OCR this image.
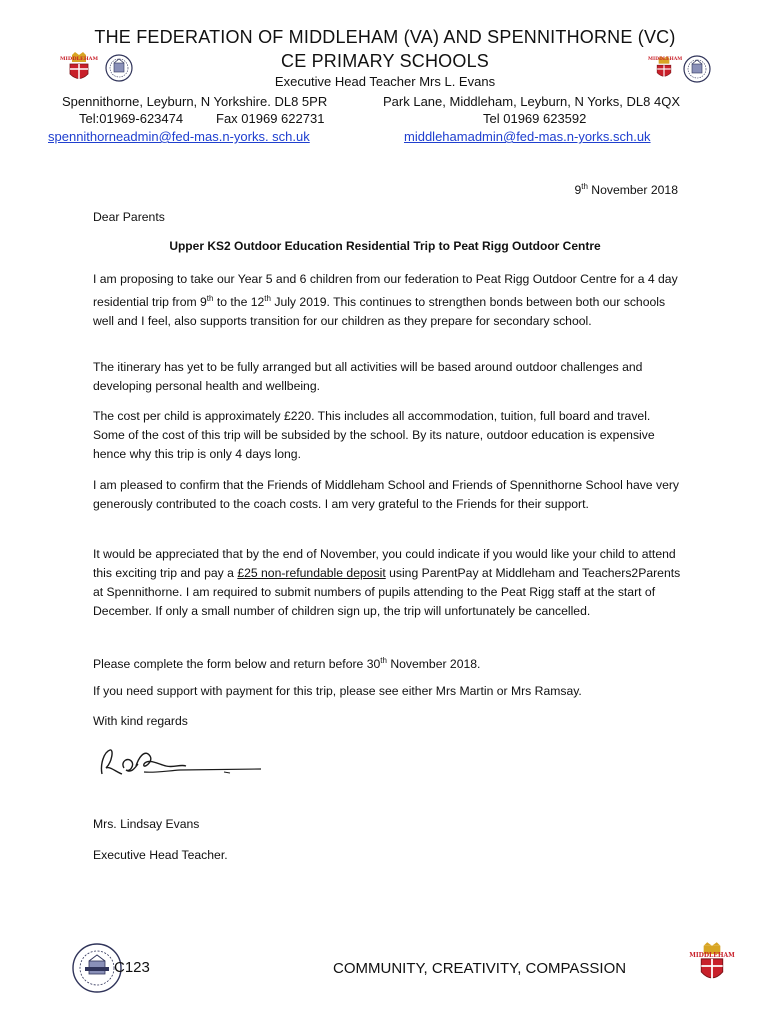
THE FEDERATION OF MIDDLEHAM (VA) AND SPENNITHORNE (VC)
CE PRIMARY SCHOOLS
Executive Head Teacher Mrs L. Evans
MIDDLEHAM	MIDDLEHAM
Spennithorne, Leyburn, N Yorkshire. DL8 5PR	Park Lane, Middleham, Leyburn, N Yorks, DL8 4QX
Tel:01969-623474	Fax 01969 622731	Tel 01969 623592
spennithorneadmin@fed-mas.n-yorks. sch.uk	middlehamadmin@fed-mas.n-yorks.sch.uk
9th November 2018
Dear Parents
Upper KS2 Outdoor Education Residential Trip to Peat Rigg Outdoor Centre
I am proposing to take our Year 5 and 6 children from our federation to Peat Rigg Outdoor Centre for a 4 day residential trip from 9th to the 12th July 2019. This continues to strengthen bonds between both our schools well and I feel, also supports transition for our children as they prepare for secondary school.
The itinerary has yet to be fully arranged but all activities will be based around outdoor challenges and developing personal health and wellbeing.
The cost per child is approximately £220. This includes all accommodation, tuition, full board and travel. Some of the cost of this trip will be subsided by the school. By its nature, outdoor education is expensive hence why this trip is only 4 days long.
I am pleased to confirm that the Friends of Middleham School and Friends of Spennithorne School have very generously contributed to the coach costs. I am very grateful to the Friends for their support.
It would be appreciated that by the end of November, you could indicate if you would like your child to attend this exciting trip and pay a £25 non-refundable deposit using ParentPay at Middleham and Teachers2Parents at Spennithorne. I am required to submit numbers of pupils attending to the Peat Rigg staff at the start of December. If only a small number of children sign up, the trip will unfortunately be cancelled.
Please complete the form below and return before 30th November 2018.
If you need support with payment for this trip, please see either Mrs Martin or Mrs Ramsay.
With kind regards
Mrs. Lindsay Evans
Executive Head Teacher.
C123	COMMUNITY, CREATIVITY, COMPASSION
MIDDLEHAM
